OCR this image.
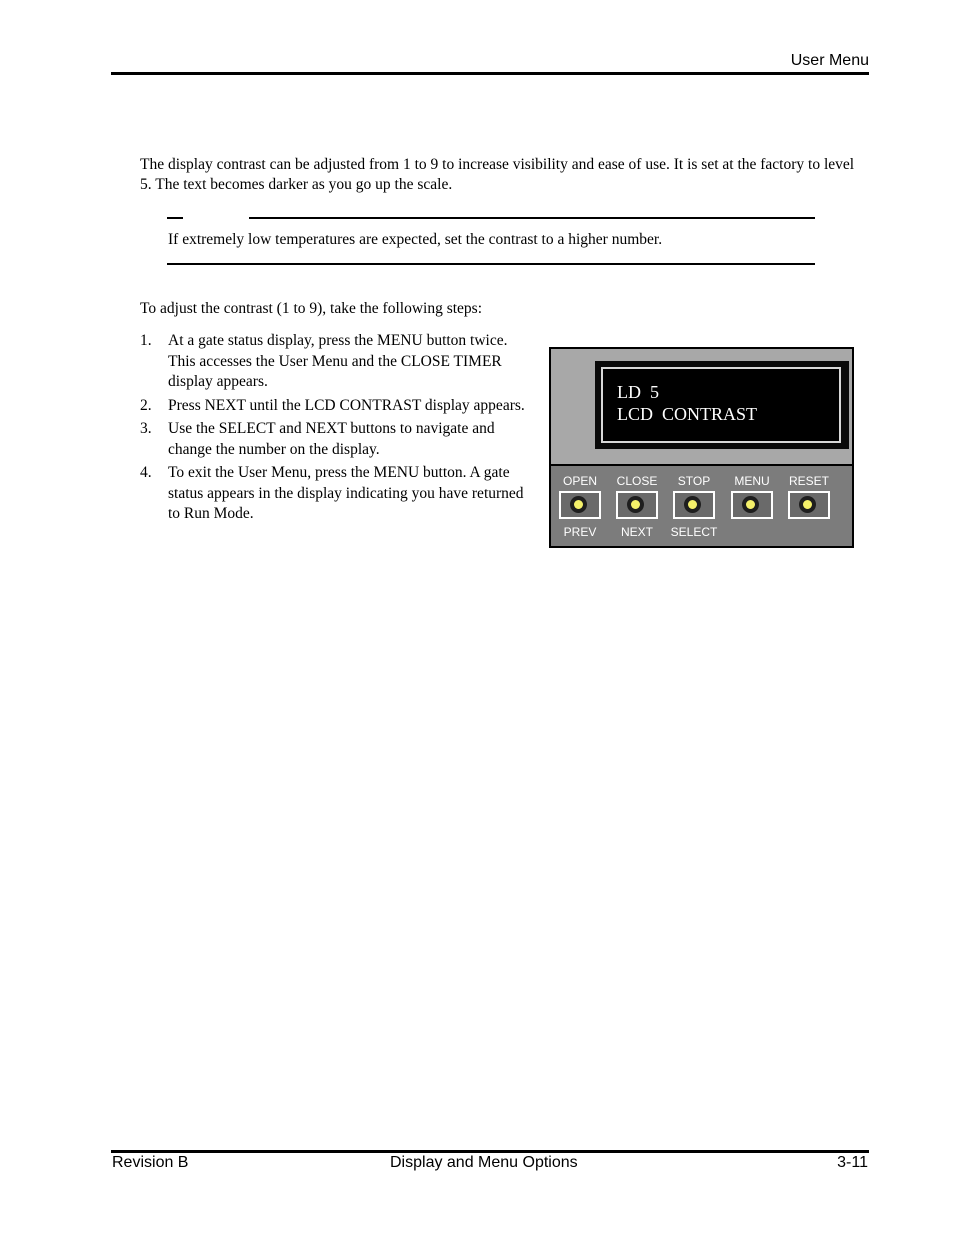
User Menu

The display contrast can be adjusted from 1 to 9 to increase visibility and ease of use. It is set at the factory to level 5. The text becomes darker as you go up the scale.

If extremely low temperatures are expected, set the contrast to a higher number.
To adjust the contrast (1 to 9), take the following steps:
1. At a gate status display, press the MENU button twice. This accesses the User Menu and the CLOSE TIMER display appears.
2. Press NEXT until the LCD CONTRAST display appears.
3. Use the SELECT and NEXT buttons to navigate and change the number on the display.
4. To exit the User Menu, press the MENU button. A gate status appears in the display indicating you have returned to Run Mode.
LD  5
LCD  CONTRAST
OPEN
PREV
CLOSE
NEXT
STOP
SELECT
MENU	RESET
Revision B	Display and Menu Options	3-11
